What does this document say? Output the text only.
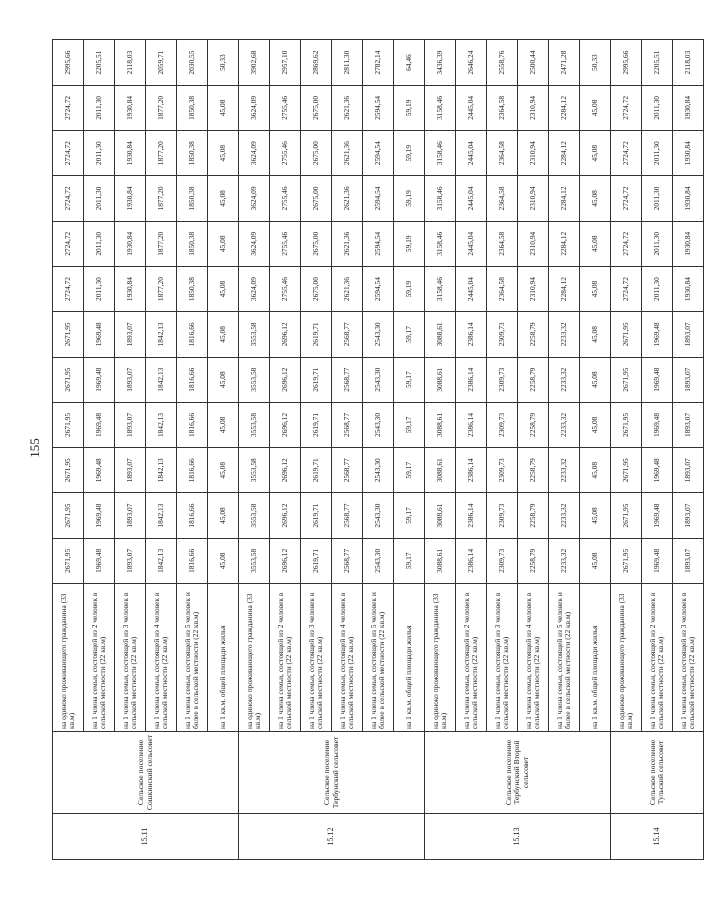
15.11	Сельское поселение Сошкинский сельсовет	на одиноко проживающего гражданина (33 кв.м)	2671,95	2671,95	2671,95	2671,95	2671,95	2671,95	2724,72	2724,72	2724,72	2724,72	2724,72	2995,66
		на 1 члена семьи, состоящей из 2 человек в сельской местности (22 кв.м)	1969,48	1969,48	1969,48	1969,48	1969,48	1969,48	2011,30	2011,30	2011,30	2011,30	2011,30	2205,51
		на 1 члена семьи, состоящей из 3 человек в сельской местности (22 кв.м)	1893,07	1893,07	1893,07	1893,07	1893,07	1893,07	1930,84	1930,84	1930,84	1930,84	1930,84	2118,03
		на 1 члена семьи, состоящей из 4 человек в сельской местности (22 кв.м)	1842,13	1842,13	1842,13	1842,13	1842,13	1842,13	1877,20	1877,20	1877,20	1877,20	1877,20	2059,71
		на 1 члена семьи, состоящей из 5 человек и более в сельской местности (22 кв.м)	1816,66	1816,66	1816,66	1816,66	1816,66	1816,66	1850,38	1850,38	1850,38	1850,38	1850,38	2030,55
		на 1 кв.м. общей площади жилья	45,08	45,08	45,08	45,08	45,08	45,08	45,08	45,08	45,08	45,08	45,08	50,33
15.12	Сельское поселение Тербунский сельсовет	на одиноко проживающего гражданина (33 кв.м)	3553,58	3553,58	3553,58	3553,58	3553,58	3553,58	3624,09	3624,09	3624,09	3624,09	3624,09	3902,68
		на 1 члена семьи, состоящей из 2 человек в сельской местности (22 кв.м)	2696,12	2696,12	2696,12	2696,12	2696,12	2696,12	2755,46	2755,46	2755,46	2755,46	2755,46	2957,10
		на 1 члена семьи, состоящей из 3 человек в сельской местности (22 кв.м)	2619,71	2619,71	2619,71	2619,71	2619,71	2619,71	2675,00	2675,00	2675,00	2675,00	2675,00	2869,62
		на 1 члена семьи, состоящей из 4 человек в сельской местности (22 кв.м)	2568,77	2568,77	2568,77	2568,77	2568,77	2568,77	2621,36	2621,36	2621,36	2621,36	2621,36	2811,30
		на 1 члена семьи, состоящей из 5 человек и более в сельской местности (22 кв.м)	2543,30	2543,30	2543,30	2543,30	2543,30	2543,30	2594,54	2594,54	2594,54	2594,54	2594,54	2782,14
		на 1 кв.м. общей площади жилья	59,17	59,17	59,17	59,17	59,17	59,17	59,19	59,19	59,19	59,19	59,19	64,46
15.13	Сельское поселение Тербунский Второй сельсовет	на одиноко проживающего гражданина (33 кв.м)	3088,61	3088,61	3088,61	3088,61	3088,61	3088,61	3158,46	3158,46	3158,46	3158,46	3158,46	3436,39
		на 1 члена семьи, состоящей из 2 человек в сельской местности (22 кв.м)	2386,14	2386,14	2386,14	2386,14	2386,14	2386,14	2445,04	2445,04	2445,04	2445,04	2445,04	2646,24
		на 1 члена семьи, состоящей из 3 человек в сельской местности (22 кв.м)	2309,73	2309,73	2309,73	2309,73	2309,73	2309,73	2364,58	2364,58	2364,58	2364,58	2364,58	2558,76
		на 1 члена семьи, состоящей из 4 человек в сельской местности (22 кв.м)	2258,79	2258,79	2258,79	2258,79	2258,79	2258,79	2310,94	2310,94	2310,94	2310,94	2310,94	2500,44
		на 1 члена семьи, состоящей из 5 человек и более в сельской местности (22 кв.м)	2233,32	2233,32	2233,32	2233,32	2233,32	2233,32	2284,12	2284,12	2284,12	2284,12	2284,12	2471,28
		на 1 кв.м. общей площади жилья	45,08	45,08	45,08	45,08	45,08	45,08	45,08	45,08	45,08	45,08	45,08	50,33
15.14	Сельское поселение Тульский сельсовет	на одиноко проживающего гражданина (33 кв.м)	2671,95	2671,95	2671,95	2671,95	2671,95	2671,95	2724,72	2724,72	2724,72	2724,72	2724,72	2995,66
		на 1 члена семьи, состоящей из 2 человек в сельской местности (22 кв.м)	1969,48	1969,48	1969,48	1969,48	1969,48	1969,48	2011,30	2011,30	2011,30	2011,30	2011,30	2205,51
		на 1 члена семьи, состоящей из 3 человек в сельской местности (22 кв.м)	1893,07	1893,07	1893,07	1893,07	1893,07	1893,07	1930,84	1930,84	1930,84	1930,84	1930,84	2118,03
155
